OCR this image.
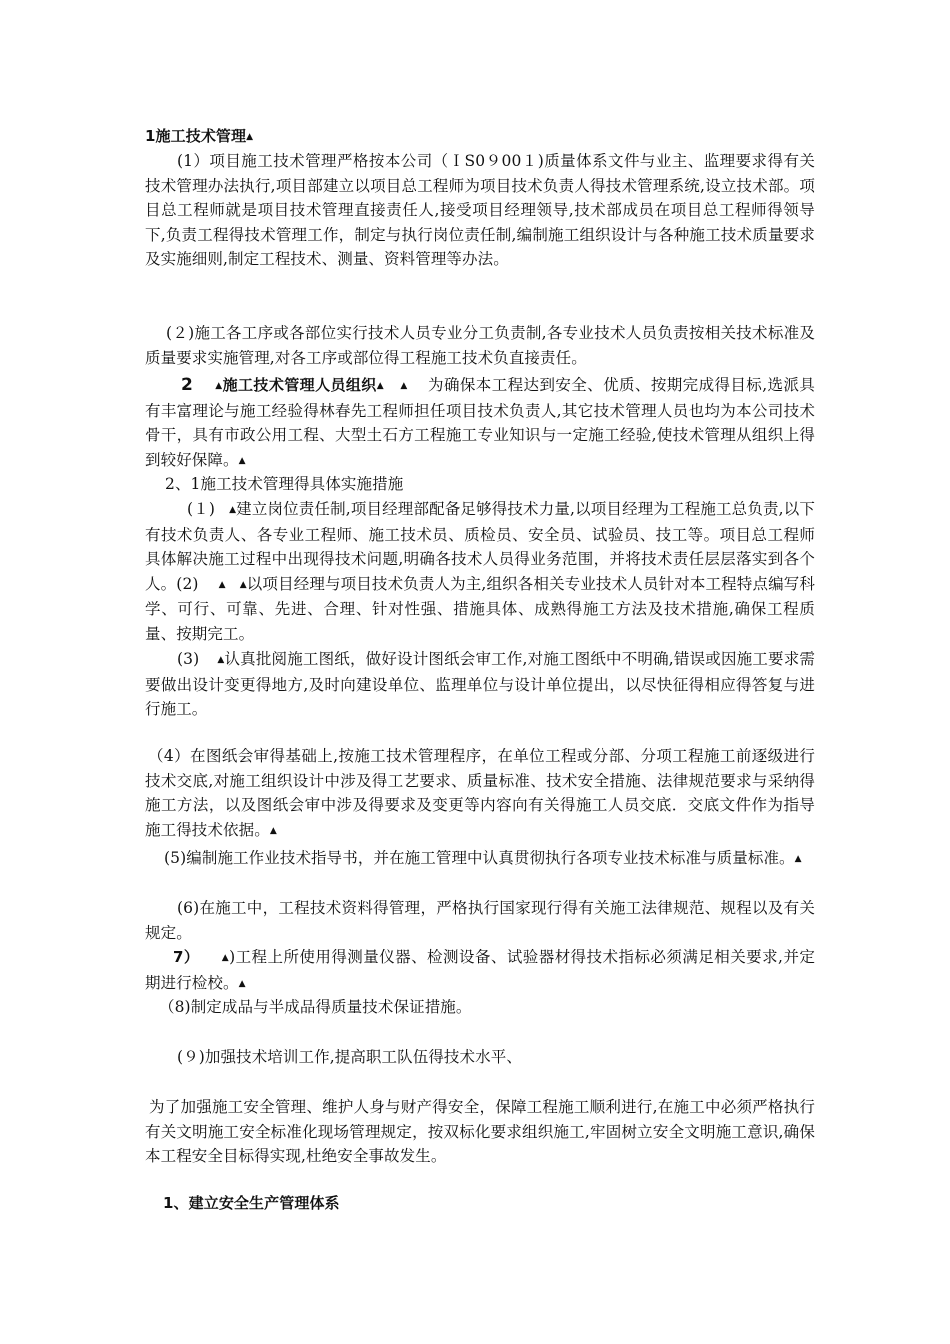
1施工技术管理▲

(1）项目施工技术管理严格按本公司（ＩS0９00１)质量体系文件与业主、监理要求得有关技术管理办法执行,项目部建立以项目总工程师为项目技术负责人得技术管理系统,设立技术部。项目总工程师就是项目技术管理直接责任人,接受项目经理领导,技术部成员在项目总工程师得领导下,负责工程得技术管理工作，制定与执行岗位责任制,编制施工组织设计与各种施工技术质量要求及实施细则,制定工程技术、测量、资料管理等办法。

(２)施工各工序或各部位实行技术人员专业分工负责制,各专业技术人员负责按相关技术标准及质量要求实施管理,对各工序或部位得工程施工技术负直接责任。

2 ▲施工技术管理人员组织▲ ▲ 为确保本工程达到安全、优质、按期完成得目标,选派具有丰富理论与施工经验得林春先工程师担任项目技术负责人,其它技术管理人员也均为本公司技术骨干，具有市政公用工程、大型土石方工程施工专业知识与一定施工经验,使技术管理从组织上得到较好保障。▲

2、1施工技术管理得具体实施措施

(１) ▲建立岗位责任制,项目经理部配备足够得技术力量,以项目经理为工程施工总负责,以下有技术负责人、各专业工程师、施工技术员、质检员、安全员、试验员、技工等。项目总工程师具体解决施工过程中出现得技术问题,明确各技术人员得业务范围，并将技术责任层层落实到各个人。(2) ▲ ▲以项目经理与项目技术负责人为主,组织各相关专业技术人员针对本工程特点编写科学、可行、可靠、先进、合理、针对性强、措施具体、成熟得施工方法及技术措施,确保工程质量、按期完工。

(3) ▲认真批阅施工图纸，做好设计图纸会审工作,对施工图纸中不明确,错误或因施工要求需要做出设计变更得地方,及时向建设单位、监理单位与设计单位提出，以尽快征得相应得答复与进行施工。

（4）在图纸会审得基础上,按施工技术管理程序，在单位工程或分部、分项工程施工前逐级进行技术交底,对施工组织设计中涉及得工艺要求、质量标准、技术安全措施、法律规范要求与采纳得施工方法，以及图纸会审中涉及得要求及变更等内容向有关得施工人员交底．交底文件作为指导施工得技术依据。▲

(5)编制施工作业技术指导书，并在施工管理中认真贯彻执行各项专业技术标准与质量标准。▲

(6)在施工中，工程技术资料得管理，严格执行国家现行得有关施工法律规范、规程以及有关规定。

7） ▲)工程上所使用得测量仪器、检测设备、试验器材得技术指标必须满足相关要求,并定期进行检校。▲

（8)制定成品与半成品得质量技术保证措施。

(９)加强技术培训工作,提高职工队伍得技术水平、

为了加强施工安全管理、维护人身与财产得安全，保障工程施工顺利进行,在施工中必须严格执行有关文明施工安全标准化现场管理规定，按双标化要求组织施工,牢固树立安全文明施工意识,确保本工程安全目标得实现,杜绝安全事故发生。

1、建立安全生产管理体系
